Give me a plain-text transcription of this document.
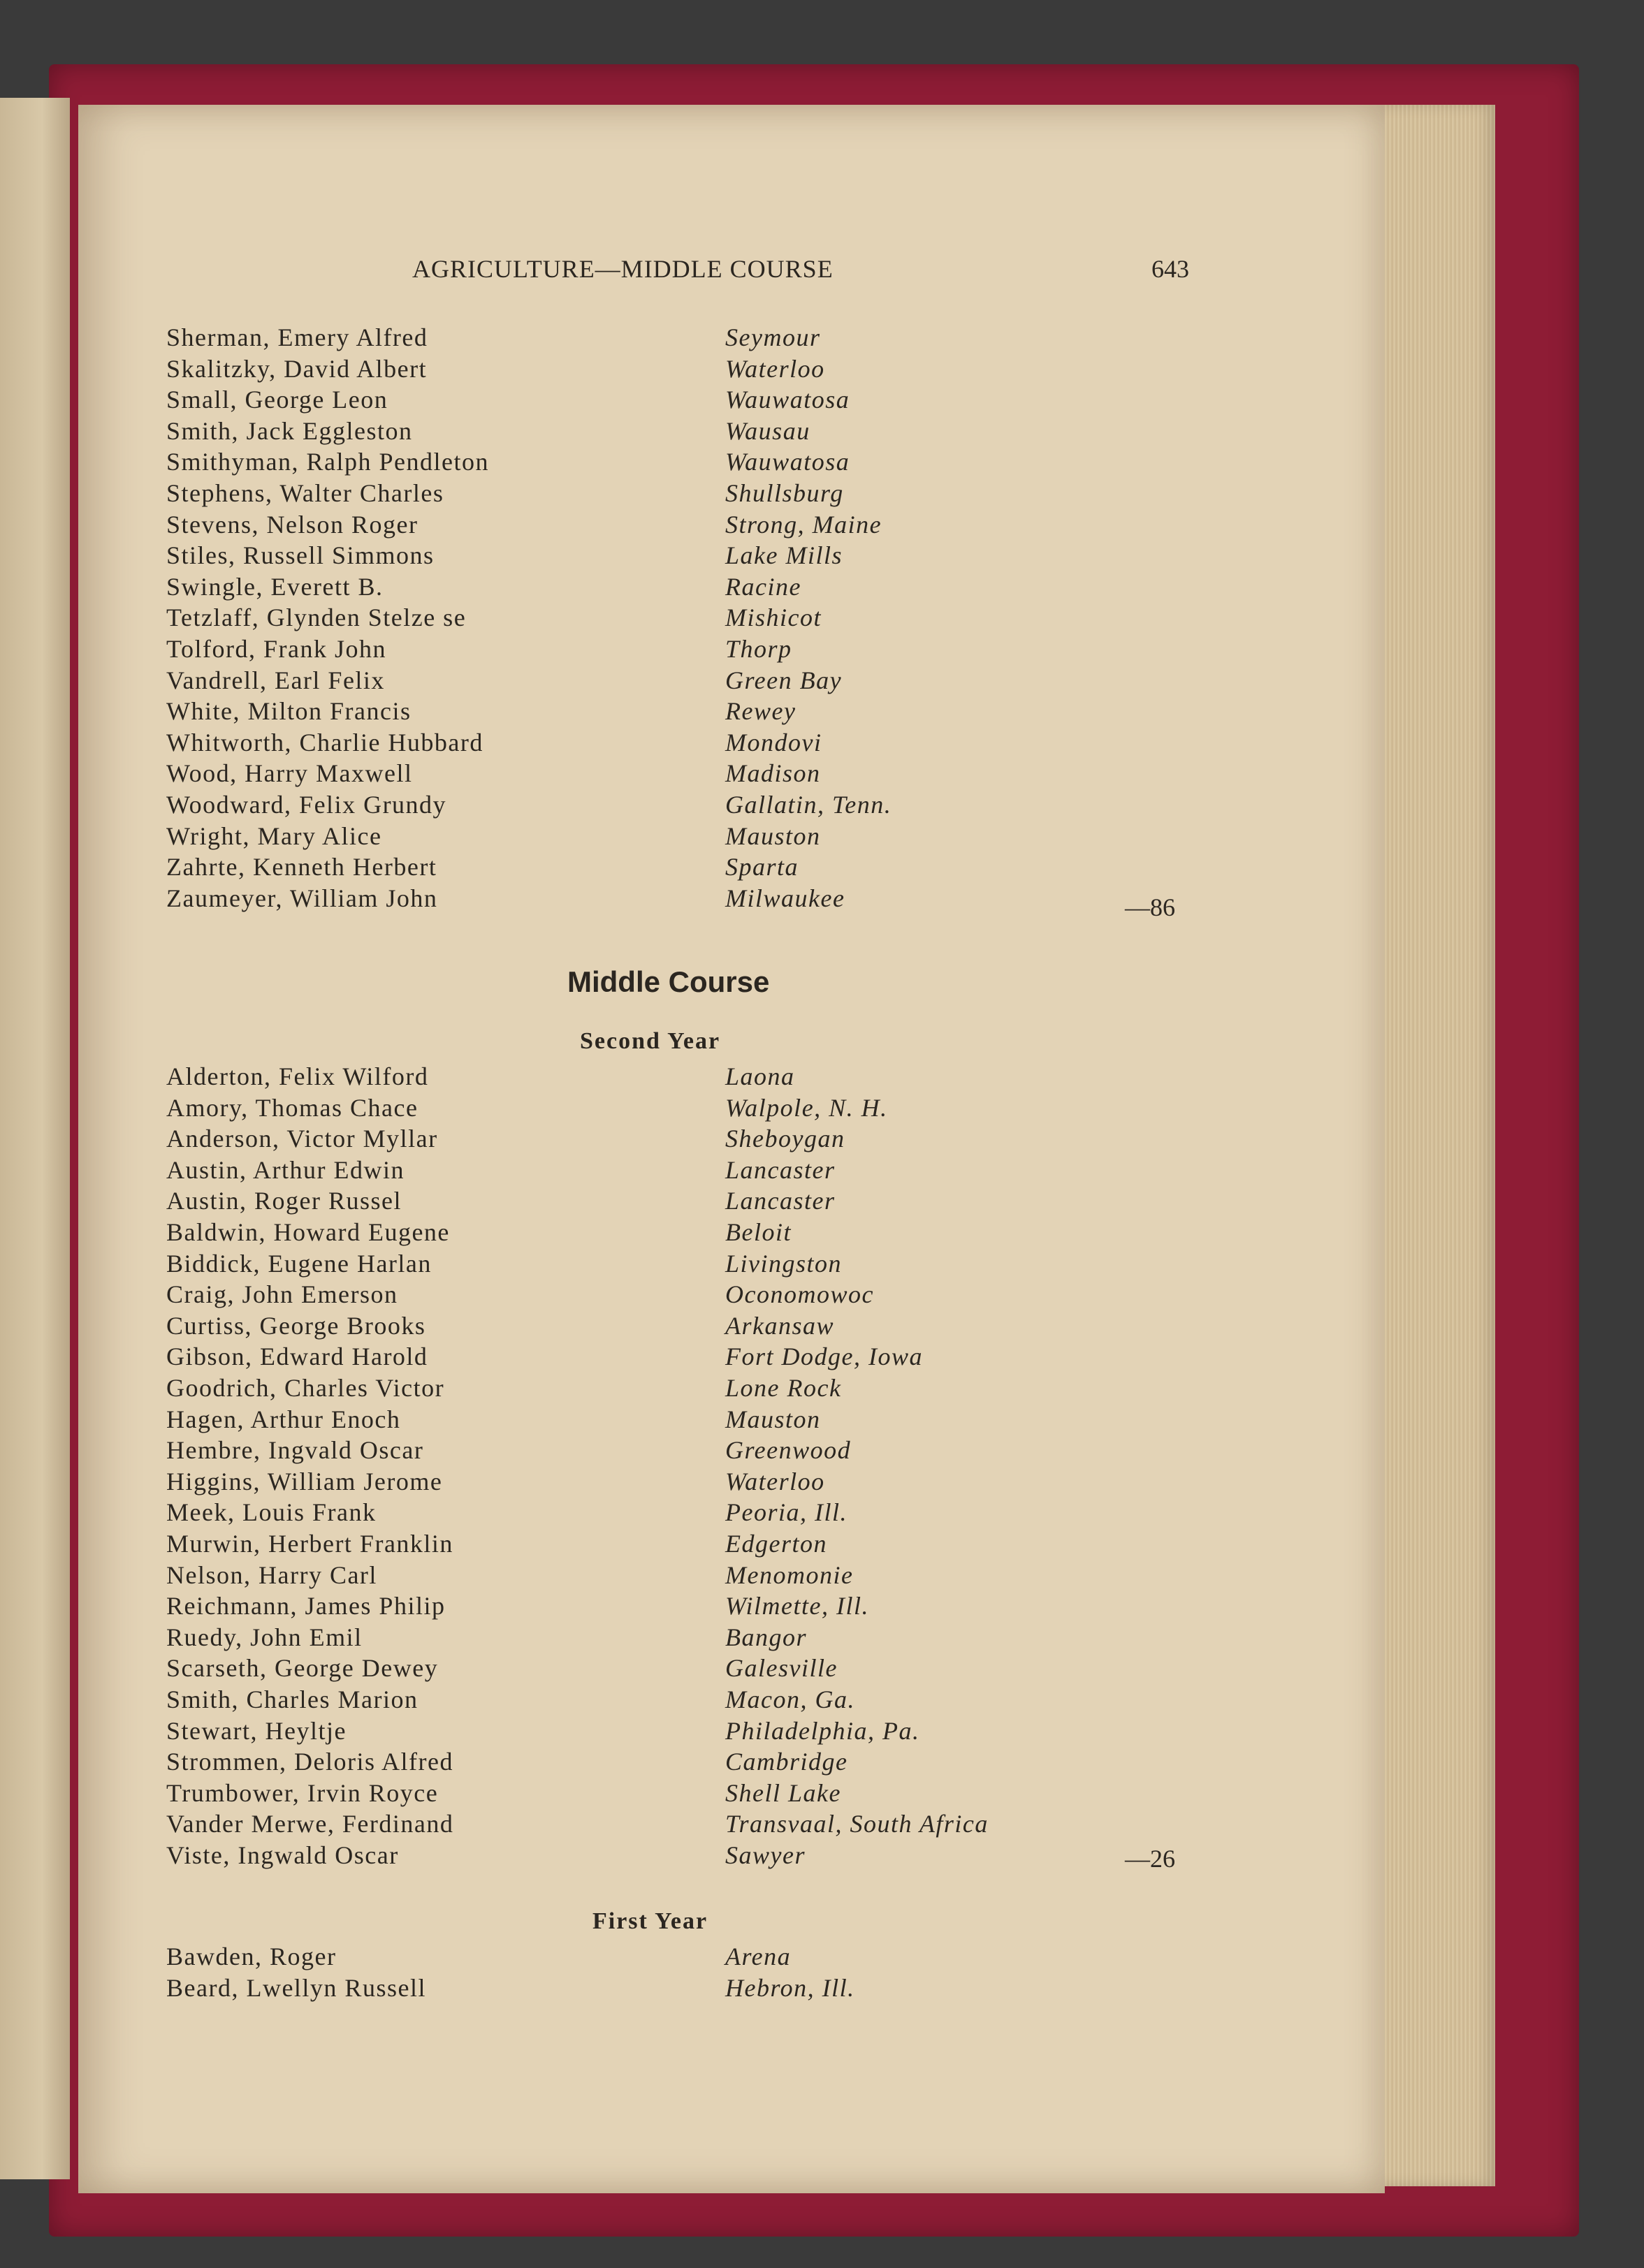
AGRICULTURE—MIDDLE COURSE	643
Sherman, Emery Alfred	Seymour
Skalitzky, David Albert	Waterloo
Small, George Leon	Wauwatosa
Smith, Jack Eggleston	Wausau
Smithyman, Ralph Pendleton	Wauwatosa
Stephens, Walter Charles	Shullsburg
Stevens, Nelson Roger	Strong, Maine
Stiles, Russell Simmons	Lake Mills
Swingle, Everett B.	Racine
Tetzlaff, Glynden Stelze se	Mishicot
Tolford, Frank John	Thorp
Vandrell, Earl Felix	Green Bay
White, Milton Francis	Rewey
Whitworth, Charlie Hubbard	Mondovi
Wood, Harry Maxwell	Madison
Woodward, Felix Grundy	Gallatin, Tenn.
Wright, Mary Alice	Mauston
Zahrte, Kenneth Herbert	Sparta
Zaumeyer, William John	Milwaukee	—86
Middle Course
Second Year
Alderton, Felix Wilford	Laona
Amory, Thomas Chace	Walpole, N. H.
Anderson, Victor Myllar	Sheboygan
Austin, Arthur Edwin	Lancaster
Austin, Roger Russel	Lancaster
Baldwin, Howard Eugene	Beloit
Biddick, Eugene Harlan	Livingston
Craig, John Emerson	Oconomowoc
Curtiss, George Brooks	Arkansaw
Gibson, Edward Harold	Fort Dodge, Iowa
Goodrich, Charles Victor	Lone Rock
Hagen, Arthur Enoch	Mauston
Hembre, Ingvald Oscar	Greenwood
Higgins, William Jerome	Waterloo
Meek, Louis Frank	Peoria, Ill.
Murwin, Herbert Franklin	Edgerton
Nelson, Harry Carl	Menomonie
Reichmann, James Philip	Wilmette, Ill.
Ruedy, John Emil	Bangor
Scarseth, George Dewey	Galesville
Smith, Charles Marion	Macon, Ga.
Stewart, Heyltje	Philadelphia, Pa.
Strommen, Deloris Alfred	Cambridge
Trumbower, Irvin Royce	Shell Lake
Vander Merwe, Ferdinand	Transvaal, South Africa
Viste, Ingwald Oscar	Sawyer	—26
First Year
Bawden, Roger	Arena
Beard, Lwellyn Russell	Hebron, Ill.
